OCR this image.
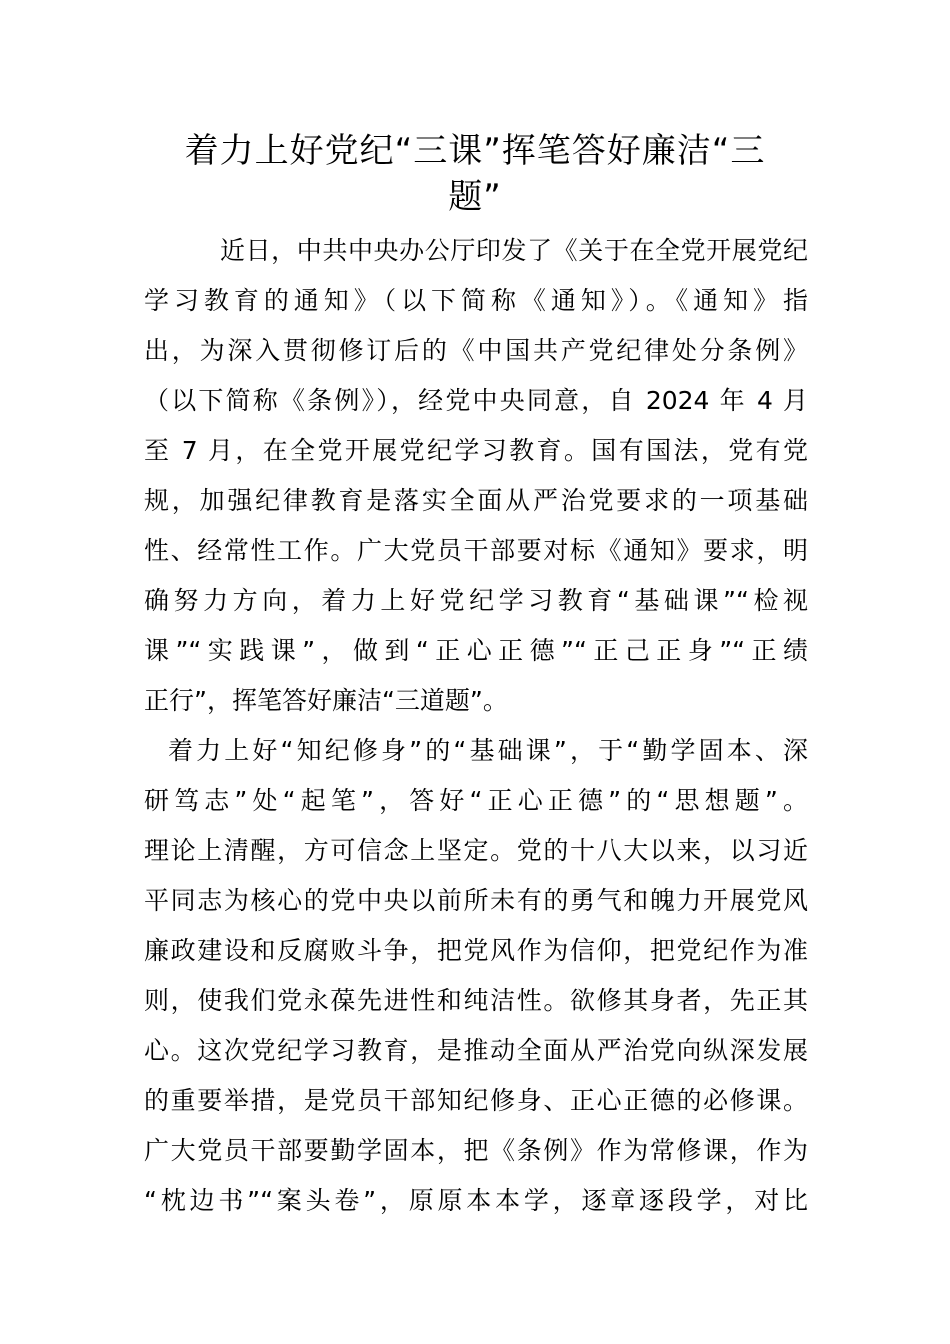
着力上好党纪“三课”挥笔答好廉洁“三
题”

近日，中共中央办公厅印发了《关于在全党开展党纪

学习教育的通知》（以下简称《通知》）。《通知》指

出，为深入贯彻修订后的《中国共产党纪律处分条例》

（以下简称《条例》），经党中央同意，自 2024 年 4 月

至 7 月，在全党开展党纪学习教育。国有国法，党有党

规，加强纪律教育是落实全面从严治党要求的一项基础

性、经常性工作。广大党员干部要对标《通知》要求，明

确努力方向，着力上好党纪学习教育“基础课”“检视

课”“实践课”，做到“正心正德”“正己正身”“正绩

正行”，挥笔答好廉洁“三道题”。

着力上好“知纪修身”的“基础课”，于“勤学固本、深

研笃志”处“起笔”，答好“正心正德”的“思想题”。

理论上清醒，方可信念上坚定。党的十八大以来，以习近

平同志为核心的党中央以前所未有的勇气和魄力开展党风

廉政建设和反腐败斗争，把党风作为信仰，把党纪作为准

则，使我们党永葆先进性和纯洁性。欲修其身者，先正其

心。这次党纪学习教育，是推动全面从严治党向纵深发展

的重要举措，是党员干部知纪修身、正心正德的必修课。

广大党员干部要勤学固本，把《条例》作为常修课，作为

“枕边书”“案头卷”，原原本本学，逐章逐段学，对比
